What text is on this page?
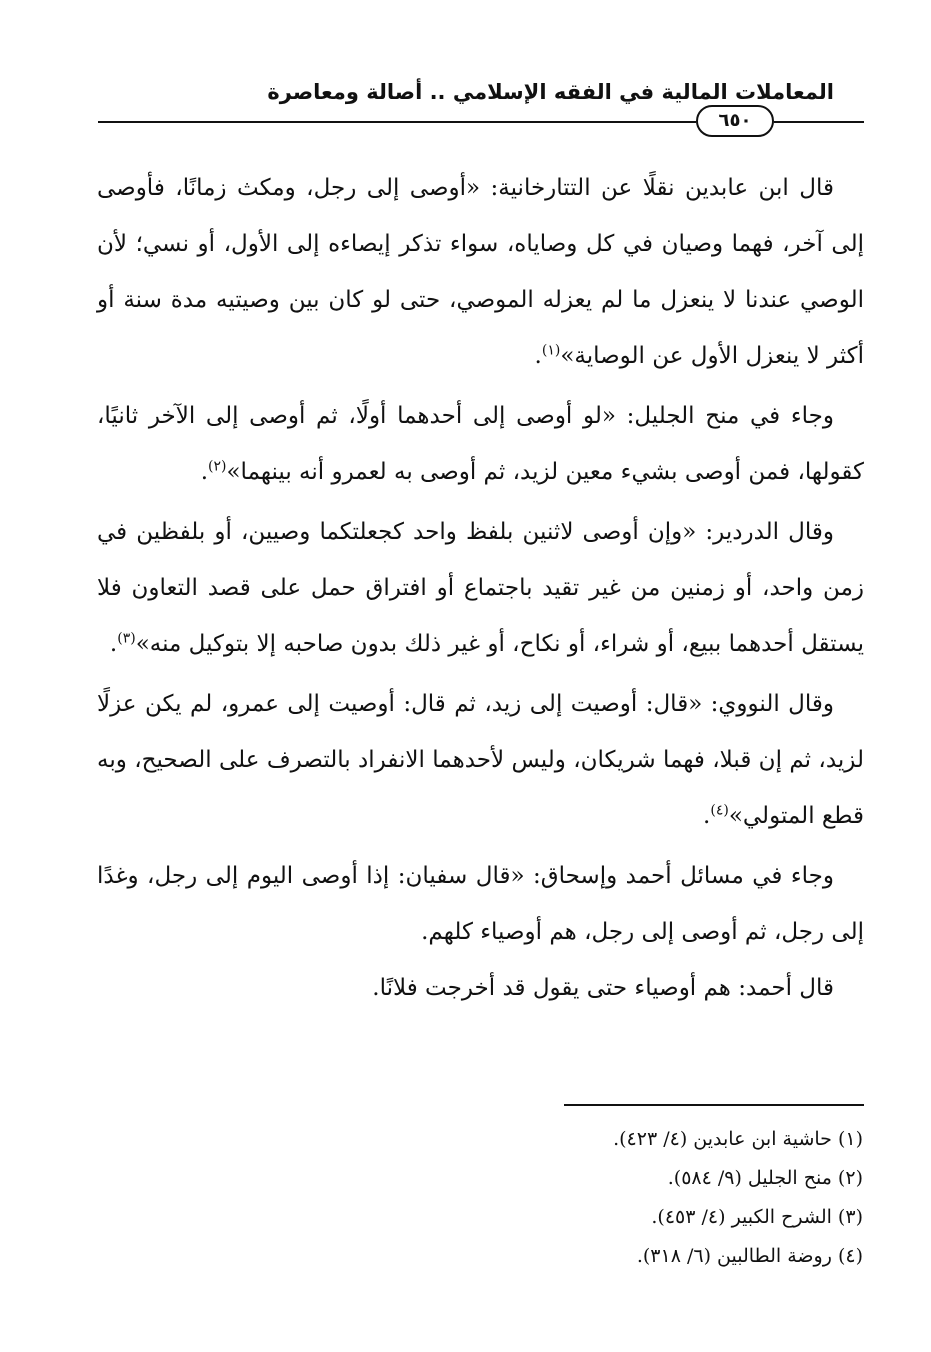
المعاملات المالية في الفقه الإسلامي .. أصالة ومعاصرة
٦٥٠

قال ابن عابدين نقلًا عن التتارخانية: «أوصى إلى رجل، ومكث زمانًا، فأوصى إلى آخر، فهما وصيان في كل وصاياه، سواء تذكر إيصاءه إلى الأول، أو نسي؛ لأن الوصي عندنا لا ينعزل ما لم يعزله الموصي، حتى لو كان بين وصيتيه مدة سنة أو أكثر لا ينعزل الأول عن الوصاية»$^{(١)}$.

وجاء في منح الجليل: «لو أوصى إلى أحدهما أولًا، ثم أوصى إلى الآخر ثانيًا، كقولها، فمن أوصى بشيء معين لزيد، ثم أوصى به لعمرو أنه بينهما»$^{(٢)}$.

وقال الدردير: «وإن أوصى لاثنين بلفظ واحد كجعلتكما وصيين، أو بلفظين في زمن واحد، أو زمنين من غير تقيد باجتماع أو افتراق حمل على قصد التعاون فلا يستقل أحدهما ببيع، أو شراء، أو نكاح، أو غير ذلك بدون صاحبه إلا بتوكيل منه»$^{(٣)}$.

وقال النووي: «قال: أوصيت إلى زيد، ثم قال: أوصيت إلى عمرو، لم يكن عزلًا لزيد، ثم إن قبلا، فهما شريكان، وليس لأحدهما الانفراد بالتصرف على الصحيح، وبه قطع المتولي»$^{(٤)}$.

وجاء في مسائل أحمد وإسحاق: «قال سفيان: إذا أوصى اليوم إلى رجل، وغدًا إلى رجل، ثم أوصى إلى رجل، هم أوصياء كلهم.

قال أحمد: هم أوصياء حتى يقول قد أخرجت فلانًا.

(١) حاشية ابن عابدين (٤/ ٤٢٣).
(٢) منح الجليل (٩/ ٥٨٤).
(٣) الشرح الكبير (٤/ ٤٥٣).
(٤) روضة الطالبين (٦/ ٣١٨).
